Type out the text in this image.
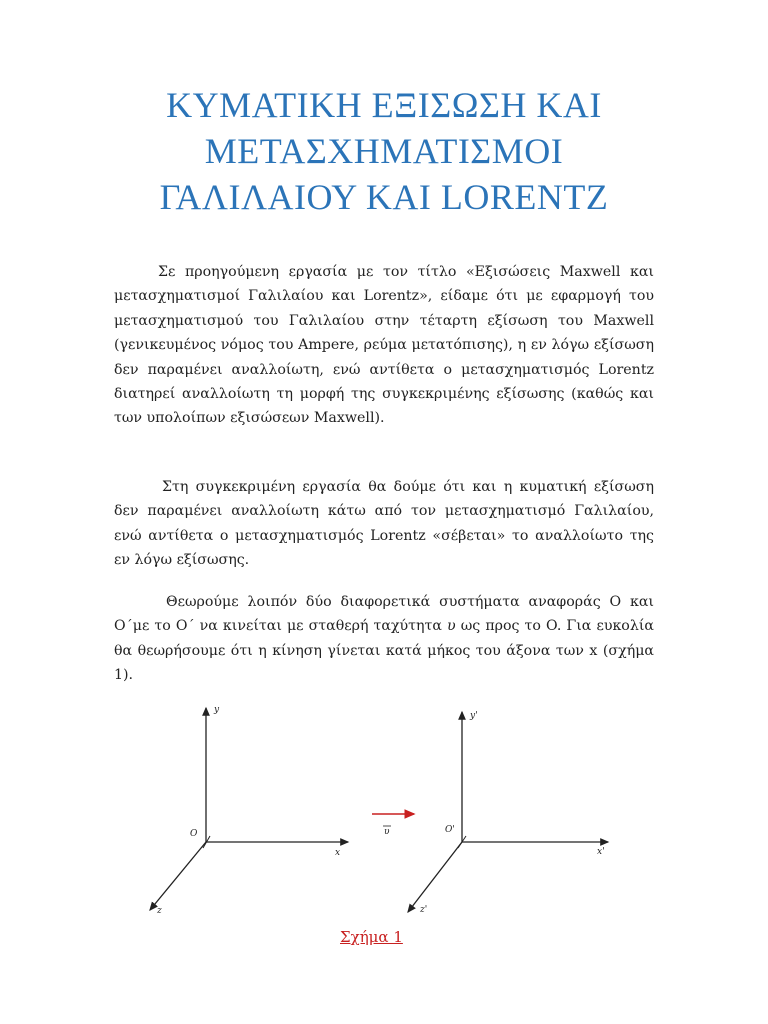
ΚΥΜΑΤΙΚΗ ΕΞΙΣΩΣΗ ΚΑΙ
ΜΕΤΑΣΧΗΜΑΤΙΣΜΟΙ
ΓΑΛΙΛΑΙΟΥ ΚΑΙ LORENTZ

Σε προηγούμενη εργασία με τον τίτλο «Εξισώσεις Maxwell και μετασχηματισμοί Γαλιλαίου και Lorentz», είδαμε ότι με εφαρμογή του μετασχηματισμού του Γαλιλαίου στην τέταρτη εξίσωση του Maxwell (γενικευμένος νόμος του Ampere, ρεύμα μετατόπισης), η εν λόγω εξίσωση δεν παραμένει αναλλοίωτη, ενώ αντίθετα ο μετασχηματισμός Lorentz διατηρεί αναλλοίωτη τη μορφή της συγκεκριμένης εξίσωσης (καθώς και των υπολοίπων εξισώσεων Maxwell).

Στη συγκεκριμένη εργασία θα δούμε ότι και η κυματική εξίσωση δεν παραμένει αναλλοίωτη κάτω από τον μετασχηματισμό Γαλιλαίου, ενώ αντίθετα ο μετασχηματισμός Lorentz «σέβεται» το αναλλοίωτο της εν λόγω εξίσωσης.

Θεωρούμε λοιπόν δύο διαφορετικά συστήματα αναφοράς O και O΄με το O΄ να κινείται με σταθερή ταχύτητα υ ως προς το O. Για ευκολία θα θεωρήσουμε ότι η κίνηση γίνεται κατά μήκος του άξονα των x (σχήμα 1).

y
x
z
O	υ
y'
x'
z'
O'
Σχήμα 1
